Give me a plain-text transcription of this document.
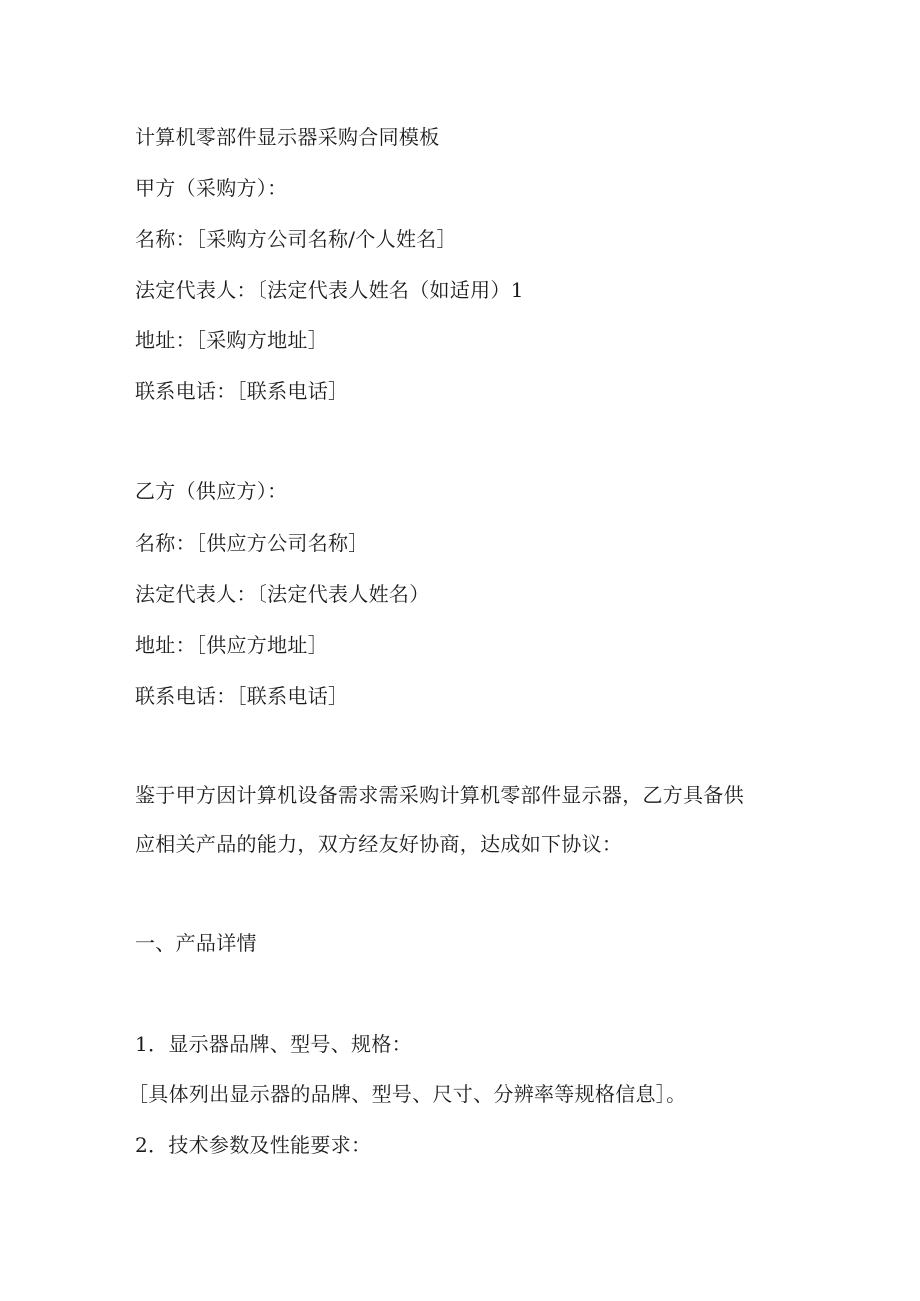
计算机零部件显示器采购合同模板
甲方（采购方）：
名称：［采购方公司名称/个人姓名］
法定代表人：〔法定代表人姓名（如适用）1
地址：［采购方地址］
联系电话：［联系电话］
乙方（供应方）：
名称：［供应方公司名称］
法定代表人：〔法定代表人姓名）
地址：［供应方地址］
联系电话：［联系电话］
鉴于甲方因计算机设备需求需采购计算机零部件显示器，乙方具备供
应相关产品的能力，双方经友好协商，达成如下协议：
一、产品详情
1．显示器品牌、型号、规格：
［具体列出显示器的品牌、型号、尺寸、分辨率等规格信息］。
2．技术参数及性能要求：
